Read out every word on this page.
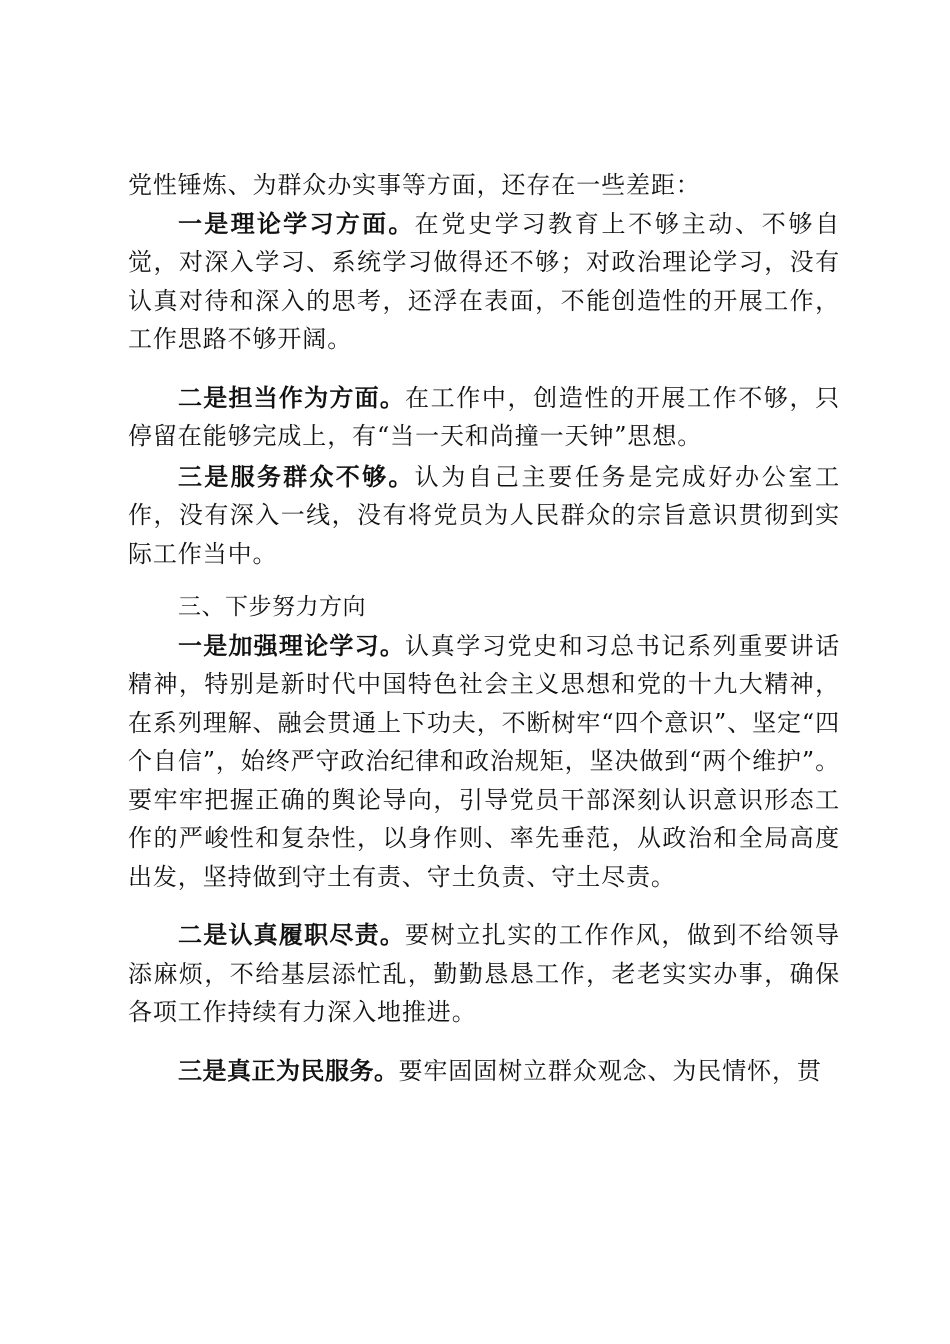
党性锤炼、为群众办实事等方面，还存在一些差距：

一是理论学习方面。在党史学习教育上不够主动、不够自觉，对深入学习、系统学习做得还不够；对政治理论学习，没有认真对待和深入的思考，还浮在表面，不能创造性的开展工作，工作思路不够开阔。

二是担当作为方面。在工作中，创造性的开展工作不够，只停留在能够完成上，有“当一天和尚撞一天钟”思想。

三是服务群众不够。认为自己主要任务是完成好办公室工作，没有深入一线，没有将党员为人民群众的宗旨意识贯彻到实际工作当中。

三、下步努力方向

一是加强理论学习。认真学习党史和习总书记系列重要讲话精神，特别是新时代中国特色社会主义思想和党的十九大精神，在系列理解、融会贯通上下功夫，不断树牢“四个意识”、坚定“四个自信”，始终严守政治纪律和政治规矩，坚决做到“两个维护”。要牢牢把握正确的舆论导向，引导党员干部深刻认识意识形态工作的严峻性和复杂性，以身作则、率先垂范，从政治和全局高度出发，坚持做到守土有责、守土负责、守土尽责。

二是认真履职尽责。要树立扎实的工作作风，做到不给领导添麻烦，不给基层添忙乱，勤勤恳恳工作，老老实实办事，确保各项工作持续有力深入地推进。

三是真正为民服务。要牢固固树立群众观念、为民情怀，贯
